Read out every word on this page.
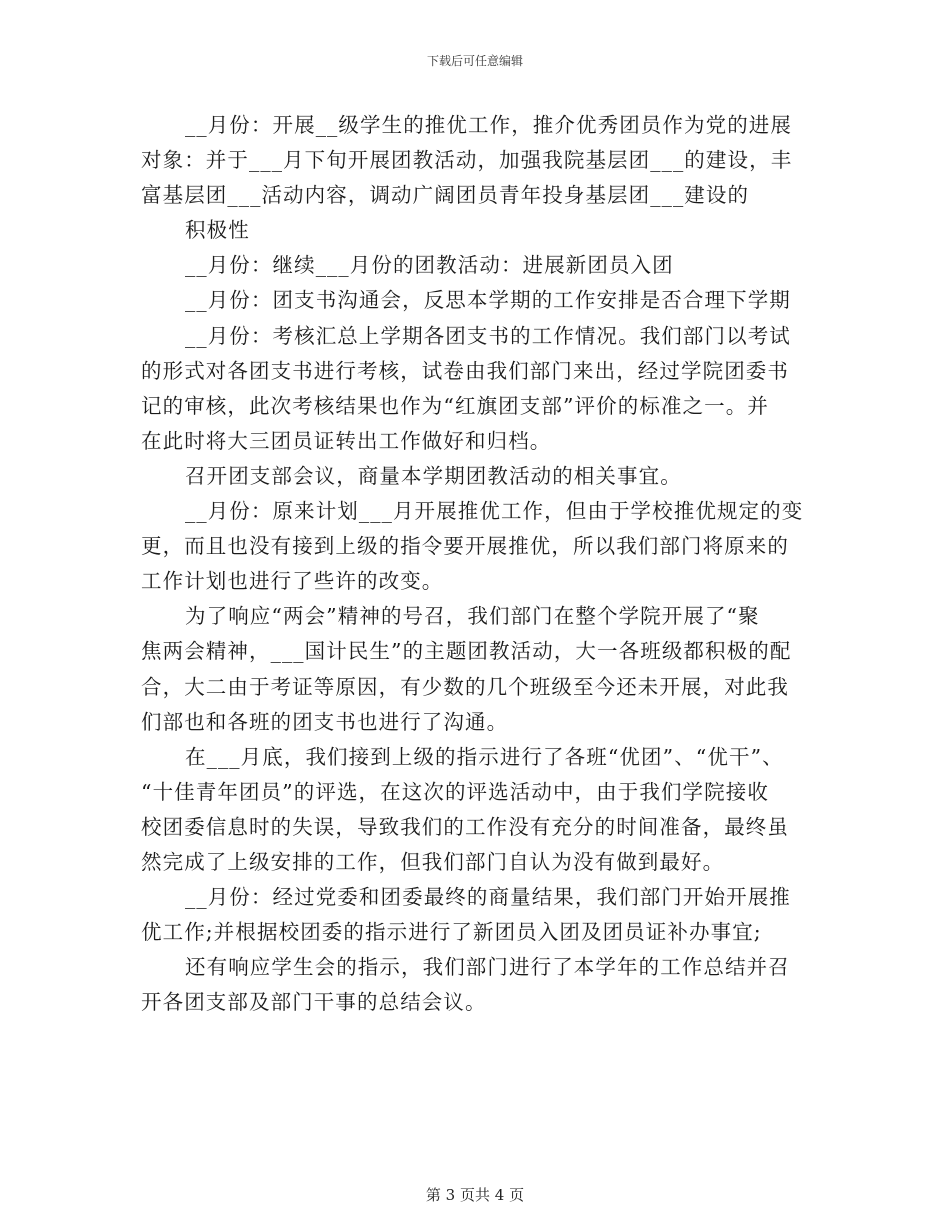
下载后可任意编辑
__月份：开展__级学生的推优工作，推介优秀团员作为党的进展
对象：并于___月下旬开展团教活动，加强我院基层团___的建设，丰
富基层团___活动内容，调动广阔团员青年投身基层团___建设的
积极性
__月份：继续___月份的团教活动：进展新团员入团
__月份：团支书沟通会，反思本学期的工作安排是否合理下学期
__月份：考核汇总上学期各团支书的工作情况。我们部门以考试
的形式对各团支书进行考核，试卷由我们部门来出，经过学院团委书
记的审核，此次考核结果也作为“红旗团支部”评价的标准之一。并
在此时将大三团员证转出工作做好和归档。
召开团支部会议，商量本学期团教活动的相关事宜。
__月份：原来计划___月开展推优工作，但由于学校推优规定的变
更，而且也没有接到上级的指令要开展推优，所以我们部门将原来的
工作计划也进行了些许的改变。
为了响应“两会”精神的号召，我们部门在整个学院开展了“聚
焦两会精神，___国计民生”的主题团教活动，大一各班级都积极的配
合，大二由于考证等原因，有少数的几个班级至今还未开展，对此我
们部也和各班的团支书也进行了沟通。
在___月底，我们接到上级的指示进行了各班“优团”、“优干”、
“十佳青年团员”的评选，在这次的评选活动中，由于我们学院接收
校团委信息时的失误，导致我们的工作没有充分的时间准备，最终虽
然完成了上级安排的工作，但我们部门自认为没有做到最好。
__月份：经过党委和团委最终的商量结果，我们部门开始开展推
优工作;并根据校团委的指示进行了新团员入团及团员证补办事宜;
还有响应学生会的指示，我们部门进行了本学年的工作总结并召
开各团支部及部门干事的总结会议。
第 3 页共 4 页
